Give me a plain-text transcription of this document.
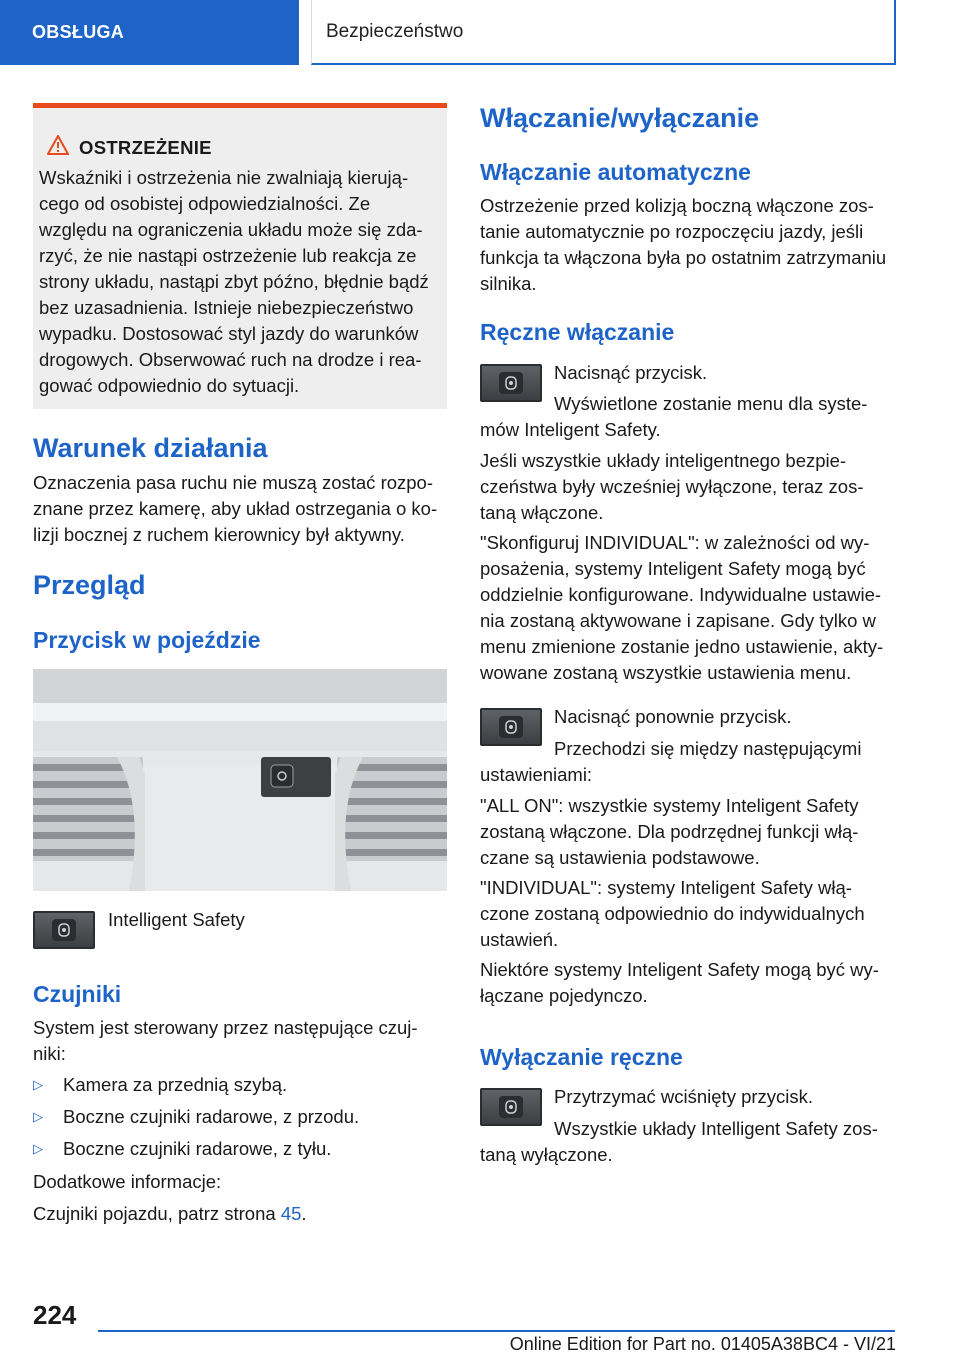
OBSŁUGA	Bezpieczeństwo
OSTRZEŻENIE

Wskaźniki i ostrzeżenia nie zwalniają kierują-

cego od osobistej odpowiedzialności. Ze

względu na ograniczenia układu może się zda-

rzyć, że nie nastąpi ostrzeżenie lub reakcja ze

strony układu, nastąpi zbyt późno, błędnie bądź

bez uzasadnienia. Istnieje niebezpieczeństwo

wypadku. Dostosować styl jazdy do warunków

drogowych. Obserwować ruch na drodze i rea-

gować odpowiednio do sytuacji.

Warunek działania

Oznaczenia pasa ruchu nie muszą zostać rozpo-

znane przez kamerę, aby układ ostrzegania o ko-

lizji bocznej z ruchem kierownicy był aktywny.

Przegląd
Przycisk w pojeździe

Intelligent Safety

Czujniki

System jest sterowany przez następujące czuj-

niki:

▷	Kamera za przednią szybą.
▷	Boczne czujniki radarowe, z przodu.
▷	Boczne czujniki radarowe, z tyłu.

Dodatkowe informacje:

Czujniki pojazdu, patrz strona 45.

Włączanie/wyłączanie
Włączanie automatyczne

Ostrzeżenie przed kolizją boczną włączone zos-

tanie automatycznie po rozpoczęciu jazdy, jeśli

funkcja ta włączona była po ostatnim zatrzymaniu

silnika.

Ręczne włączanie

Nacisnąć przycisk.

Wyświetlone zostanie menu dla syste-

mów Inteligent Safety.

Jeśli wszystkie układy inteligentnego bezpie-

czeństwa były wcześniej wyłączone, teraz zos-

taną włączone.

"Skonfiguruj INDIVIDUAL": w zależności od wy-

posażenia, systemy Inteligent Safety mogą być

oddzielnie konfigurowane. Indywidualne ustawie-

nia zostaną aktywowane i zapisane. Gdy tylko w

menu zmienione zostanie jedno ustawienie, akty-

wowane zostaną wszystkie ustawienia menu.

Nacisnąć ponownie przycisk.

Przechodzi się między następującymi

ustawieniami:

"ALL ON": wszystkie systemy Inteligent Safety

zostaną włączone. Dla podrzędnej funkcji włą-

czane są ustawienia podstawowe.

"INDIVIDUAL": systemy Inteligent Safety włą-

czone zostaną odpowiednio do indywidualnych

ustawień.

Niektóre systemy Inteligent Safety mogą być wy-

łączane pojedynczo.

Wyłączanie ręczne

Przytrzymać wciśnięty przycisk.

Wszystkie układy Intelligent Safety zos-

taną wyłączone.

224
Online Edition for Part no. 01405A38BC4 - VI/21
